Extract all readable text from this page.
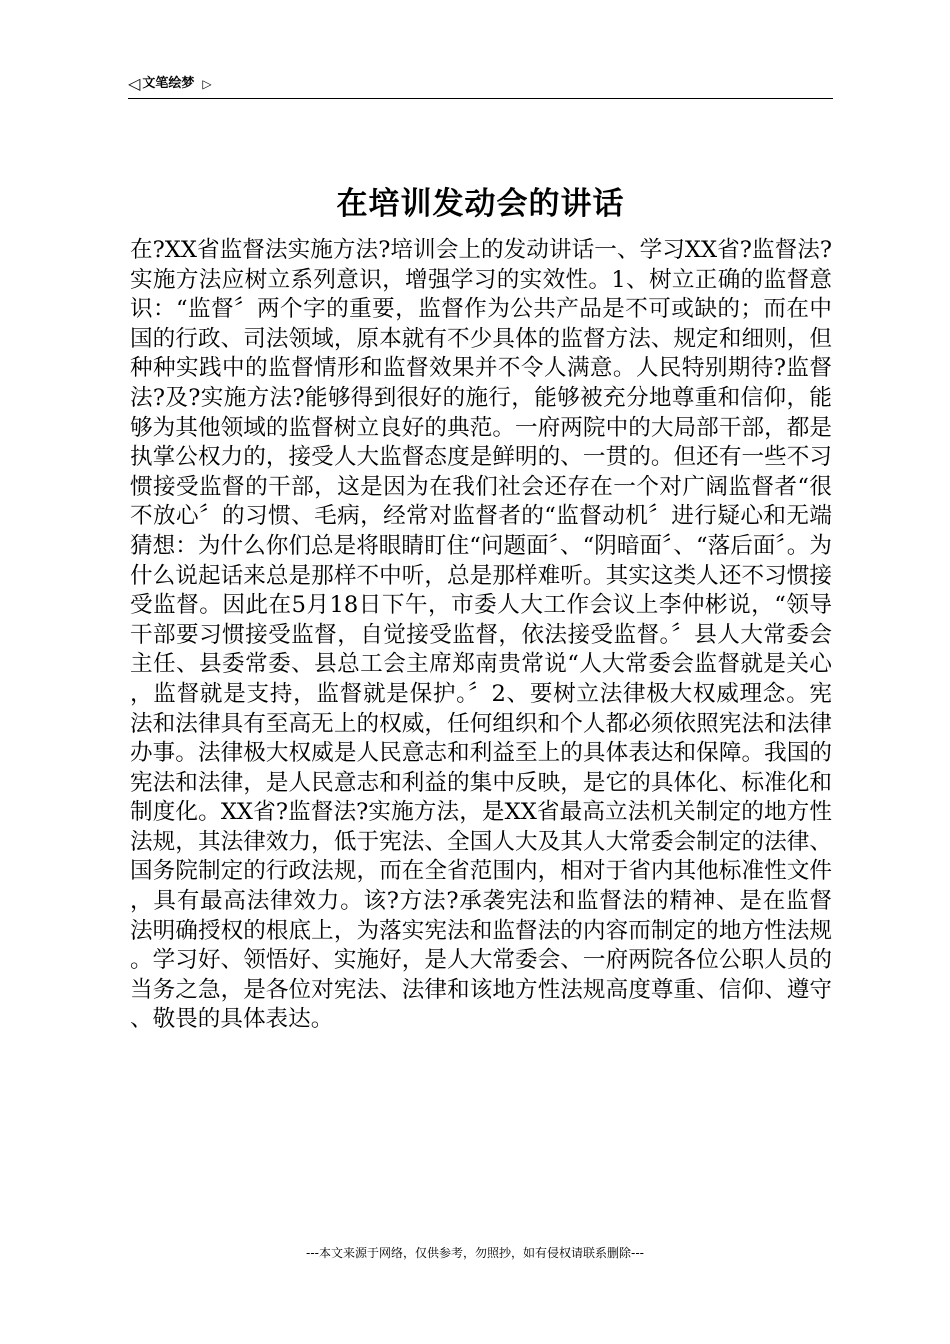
◁ 文笔绘梦 ▷
在培训发动会的讲话

在?XX省监督法实施方法?培训会上的发动讲话一、学习XX省?监督法?实施方法应树立系列意识，增强学习的实效性。1、树立正确的监督意识：“监督〞两个字的重要，监督作为公共产品是不可或缺的；而在中国的行政、司法领域，原本就有不少具体的监督方法、规定和细则，但种种实践中的监督情形和监督效果并不令人满意。人民特别期待?监督法?及?实施方法?能够得到很好的施行，能够被充分地尊重和信仰，能够为其他领域的监督树立良好的典范。一府两院中的大局部干部，都是执掌公权力的，接受人大监督态度是鲜明的、一贯的。但还有一些不习惯接受监督的干部，这是因为在我们社会还存在一个对广阔监督者“很不放心〞的习惯、毛病，经常对监督者的“监督动机〞进行疑心和无端猜想：为什么你们总是将眼睛盯住“问题面〞、“阴暗面〞、“落后面〞。为什么说起话来总是那样不中听，总是那样难听。其实这类人还不习惯接受监督。因此在5月18日下午，市委人大工作会议上李仲彬说，“领导干部要习惯接受监督，自觉接受监督，依法接受监督。〞县人大常委会主任、县委常委、县总工会主席郑南贵常说“人大常委会监督就是关心，监督就是支持，监督就是保护。〞2、要树立法律极大权威理念。宪法和法律具有至高无上的权威，任何组织和个人都必须依照宪法和法律办事。法律极大权威是人民意志和利益至上的具体表达和保障。我国的宪法和法律，是人民意志和利益的集中反映，是它的具体化、标准化和制度化。XX省?监督法?实施方法，是XX省最高立法机关制定的地方性法规，其法律效力，低于宪法、全国人大及其人大常委会制定的法律、国务院制定的行政法规，而在全省范围内，相对于省内其他标准性文件，具有最高法律效力。该?方法?承袭宪法和监督法的精神、是在监督法明确授权的根底上，为落实宪法和监督法的内容而制定的地方性法规。学习好、领悟好、实施好，是人大常委会、一府两院各位公职人员的当务之急，是各位对宪法、法律和该地方性法规高度尊重、信仰、遵守、敬畏的具体表达。

---本文来源于网络，仅供参考，勿照抄，如有侵权请联系删除---
